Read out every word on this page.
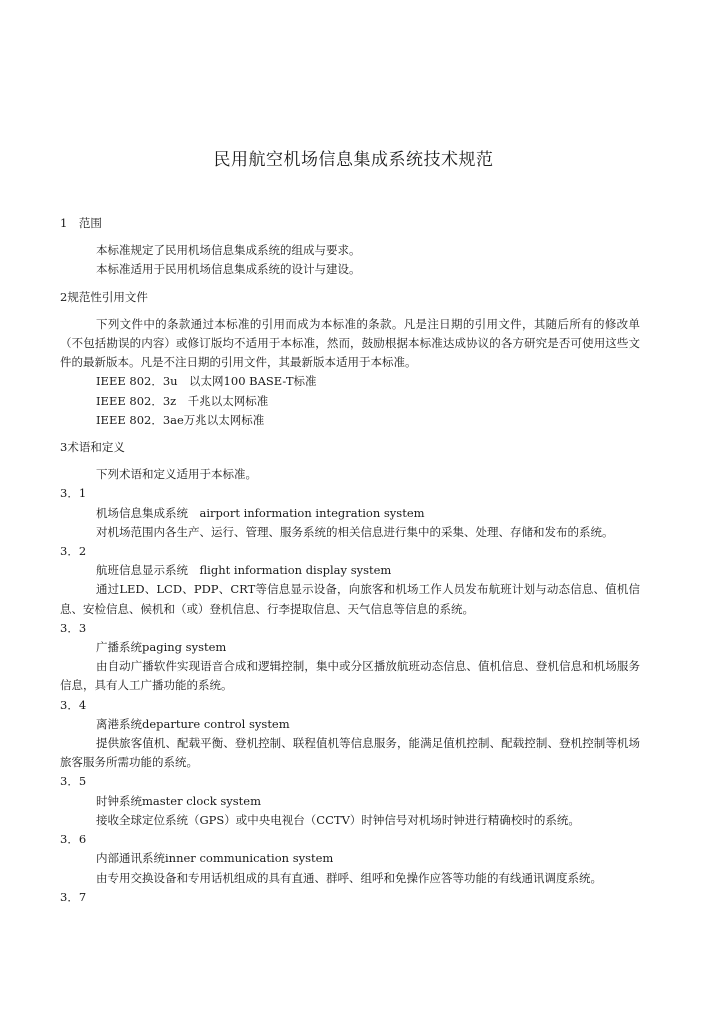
民用航空机场信息集成系统技术规范
1　范围
本标准规定了民用机场信息集成系统的组成与要求。
本标准适用于民用机场信息集成系统的设计与建设。
2规范性引用文件
下列文件中的条款通过本标准的引用而成为本标准的条款。凡是注日期的引用文件，其随后所有的修改单（不包括勘误的内容）或修订版均不适用于本标准，然而，鼓励根据本标准达成协议的各方研究是否可使用这些文件的最新版本。凡是不注日期的引用文件，其最新版本适用于本标准。
IEEE 802．3u　以太网100 BASE-T标准
IEEE 802．3z　千兆以太网标准
IEEE 802．3ae万兆以太网标准
3术语和定义
下列术语和定义适用于本标准。
3．1
机场信息集成系统　airport information integration system
对机场范围内各生产、运行、管理、服务系统的相关信息进行集中的采集、处理、存储和发布的系统。
3．2
航班信息显示系统　flight information display system
通过LED、LCD、PDP、CRT等信息显示设备，向旅客和机场工作人员发布航班计划与动态信息、值机信息、安检信息、候机和（或）登机信息、行李提取信息、天气信息等信息的系统。
3．3
广播系统paging system
由自动广播软件实现语音合成和逻辑控制，集中或分区播放航班动态信息、值机信息、登机信息和机场服务信息，具有人工广播功能的系统。
3．4
离港系统departure control system
提供旅客值机、配载平衡、登机控制、联程值机等信息服务，能满足值机控制、配载控制、登机控制等机场旅客服务所需功能的系统。
3．5
时钟系统master clock system
接收全球定位系统（GPS）或中央电视台（CCTV）时钟信号对机场时钟进行精确校时的系统。
3．6
内部通讯系统inner communication system
由专用交换设备和专用话机组成的具有直通、群呼、组呼和免操作应答等功能的有线通讯调度系统。
3．7
